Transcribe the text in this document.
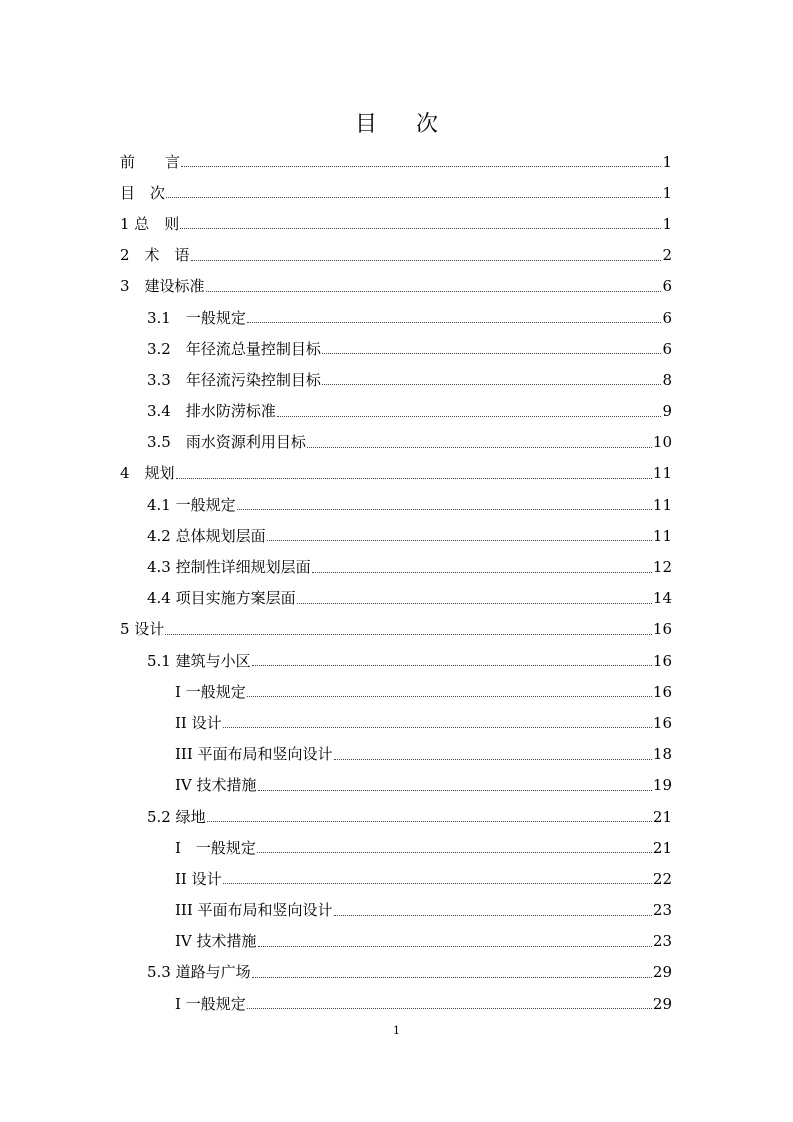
目 次
前　　言	1
目　次	1
1 总　则	1
2　术　语	2
3　建设标准	6
3.1　一般规定	6
3.2　年径流总量控制目标	6
3.3　年径流污染控制目标	8
3.4　排水防涝标准	9
3.5　雨水资源利用目标	10
4　规划	11
4.1 一般规定	11
4.2 总体规划层面	11
4.3 控制性详细规划层面	12
4.4 项目实施方案层面	14
5 设计	16
5.1 建筑与小区	16
I 一般规定	16
II 设计	16
III 平面布局和竖向设计	18
IV 技术措施	19
5.2 绿地	21
I　一般规定	21
II 设计	22
III 平面布局和竖向设计	23
IV 技术措施	23
5.3 道路与广场	29
I 一般规定	29
1
